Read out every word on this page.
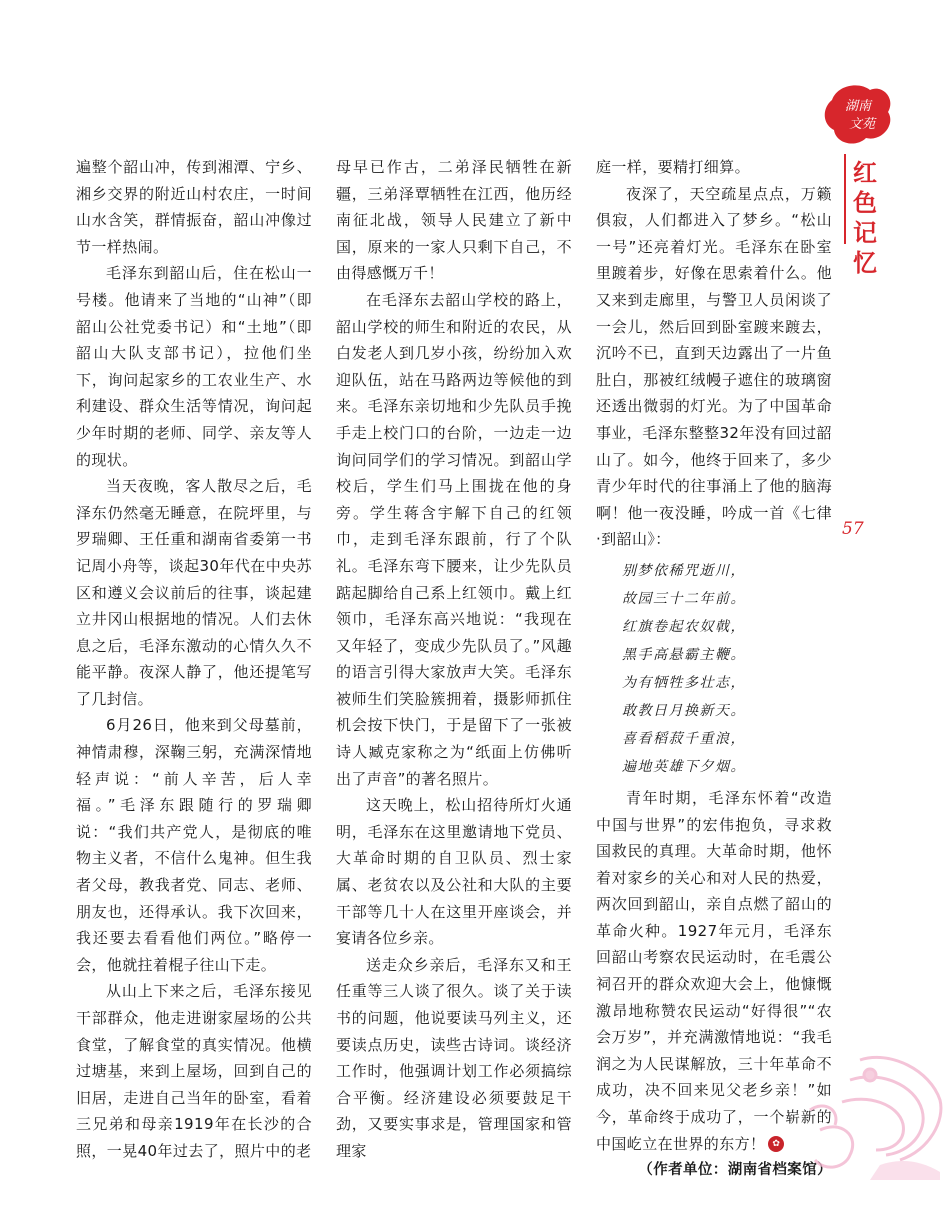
湖南
文苑
红
色
记
忆
57

遍整个韶山冲，传到湘潭、宁乡、湘乡交界的附近山村农庄，一时间山水含笑，群情振奋，韶山冲像过节一样热闹。

毛泽东到韶山后，住在松山一号楼。他请来了当地的“山神”（即韶山公社党委书记）和“土地”（即韶山大队支部书记），拉他们坐下，询问起家乡的工农业生产、水利建设、群众生活等情况，询问起少年时期的老师、同学、亲友等人的现状。

当天夜晚，客人散尽之后，毛泽东仍然毫无睡意，在院坪里，与罗瑞卿、王任重和湖南省委第一书记周小舟等，谈起30年代在中央苏区和遵义会议前后的往事，谈起建立井冈山根据地的情况。人们去休息之后，毛泽东激动的心情久久不能平静。夜深人静了，他还提笔写了几封信。

6月26日，他来到父母墓前，神情肃穆，深鞠三躬，充满深情地轻声说：“前人辛苦，后人幸福。”毛泽东跟随行的罗瑞卿说：“我们共产党人，是彻底的唯物主义者，不信什么鬼神。但生我者父母，教我者党、同志、老师、朋友也，还得承认。我下次回来，我还要去看看他们两位。”略停一会，他就拄着棍子往山下走。

从山上下来之后，毛泽东接见干部群众，他走进谢家屋场的公共食堂，了解食堂的真实情况。他横过塘基，来到上屋场，回到自己的旧居，走进自己当年的卧室，看着三兄弟和母亲1919年在长沙的合照，一晃40年过去了，照片中的老

母早已作古，二弟泽民牺牲在新疆，三弟泽覃牺牲在江西，他历经南征北战，领导人民建立了新中国，原来的一家人只剩下自己，不由得感慨万千！

在毛泽东去韶山学校的路上，韶山学校的师生和附近的农民，从白发老人到几岁小孩，纷纷加入欢迎队伍，站在马路两边等候他的到来。毛泽东亲切地和少先队员手挽手走上校门口的台阶，一边走一边询问同学们的学习情况。到韶山学校后，学生们马上围拢在他的身旁。学生蒋含宇解下自己的红领巾，走到毛泽东跟前，行了个队礼。毛泽东弯下腰来，让少先队员踮起脚给自己系上红领巾。戴上红领巾，毛泽东高兴地说：“我现在又年轻了，变成少先队员了。”风趣的语言引得大家放声大笑。毛泽东被师生们笑脸簇拥着，摄影师抓住机会按下快门，于是留下了一张被诗人臧克家称之为“纸面上仿佛听出了声音”的著名照片。

这天晚上，松山招待所灯火通明，毛泽东在这里邀请地下党员、大革命时期的自卫队员、烈士家属、老贫农以及公社和大队的主要干部等几十人在这里开座谈会，并宴请各位乡亲。

送走众乡亲后，毛泽东又和王任重等三人谈了很久。谈了关于读书的问题，他说要读马列主义，还要读点历史，读些古诗词。谈经济工作时，他强调计划工作必须搞综合平衡。经济建设必须要鼓足干劲，又要实事求是，管理国家和管理家

庭一样，要精打细算。

夜深了，天空疏星点点，万籁俱寂，人们都进入了梦乡。“松山一号”还亮着灯光。毛泽东在卧室里踱着步，好像在思索着什么。他又来到走廊里，与警卫人员闲谈了一会儿，然后回到卧室踱来踱去，沉吟不已，直到天边露出了一片鱼肚白，那被红绒幔子遮住的玻璃窗还透出微弱的灯光。为了中国革命事业，毛泽东整整32年没有回过韶山了。如今，他终于回来了，多少青少年时代的往事涌上了他的脑海啊！他一夜没睡，吟成一首《七律·到韶山》：

别梦依稀咒逝川，
故园三十二年前。
红旗卷起农奴戟，
黑手高悬霸主鞭。
为有牺牲多壮志，
敢教日月换新天。
喜看稻菽千重浪，
遍地英雄下夕烟。

青年时期，毛泽东怀着“改造中国与世界”的宏伟抱负，寻求救国救民的真理。大革命时期，他怀着对家乡的关心和对人民的热爱，两次回到韶山，亲自点燃了韶山的革命火种。1927年元月，毛泽东回韶山考察农民运动时，在毛震公祠召开的群众欢迎大会上，他慷慨激昂地称赞农民运动“好得很”“农会万岁”，并充满激情地说：“我毛润之为人民谋解放，三十年革命不成功，决不回来见父老乡亲！”如今，革命终于成功了，一个崭新的中国屹立在世界的东方！ ✿

（作者单位：湖南省档案馆）
